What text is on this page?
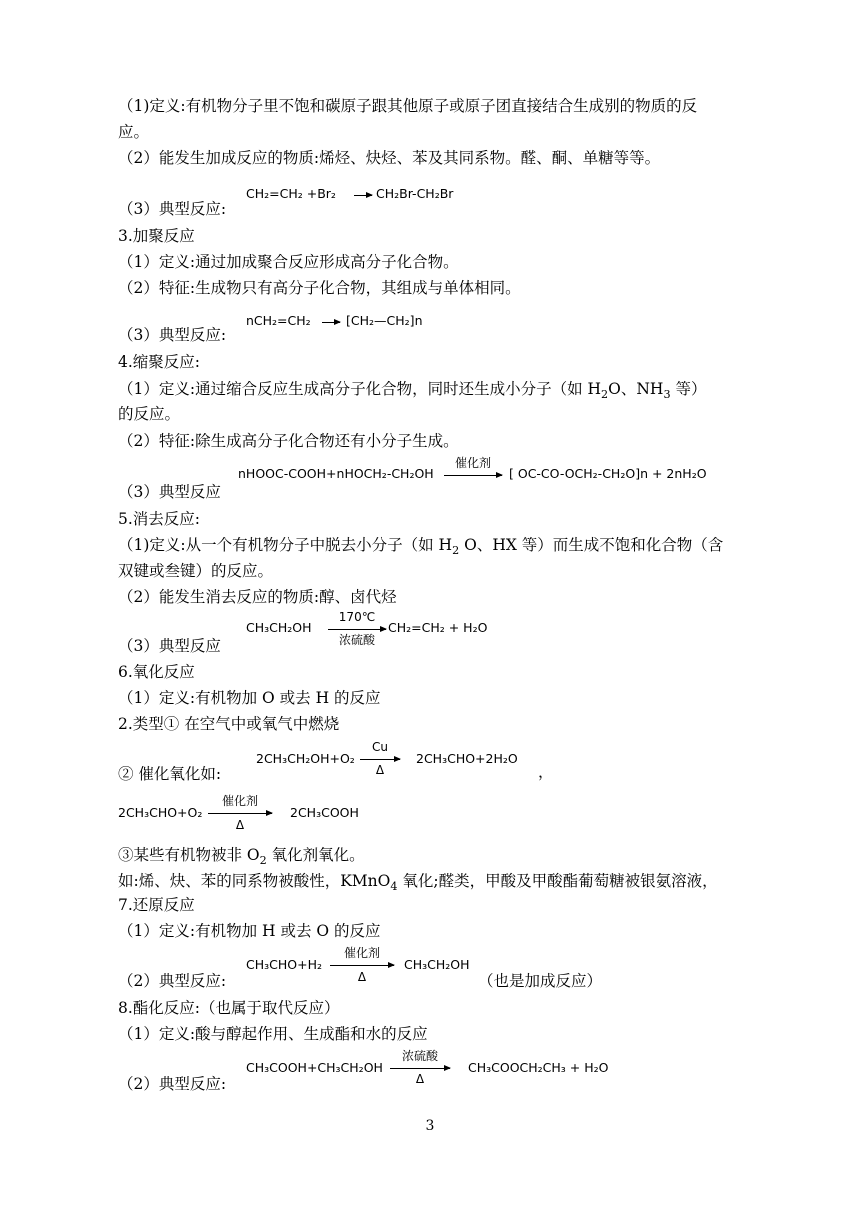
（1)定义:有机物分子里不饱和碳原子跟其他原子或原子团直接结合生成别的物质的反
应。
（2）能发生加成反应的物质:烯烃、炔烃、苯及其同系物。醛、酮、单糖等等。
（3）典型反应:
CH₂=CH₂ +Br₂ → CH₂Br-CH₂Br
3.加聚反应
（1）定义:通过加成聚合反应形成高分子化合物。
（2）特征:生成物只有高分子化合物，其组成与单体相同。
（3）典型反应:
nCH₂=CH₂ → [CH₂—CH₂]n
4.缩聚反应:
（1）定义:通过缩合反应生成高分子化合物，同时还生成小分子（如 $H_2O$、$NH_3$ 等）
的反应。
（2）特征:除生成高分子化合物还有小分子生成。
（3）典型反应
nHOOC-COOH+nHOCH₂-CH₂OH
催化剂
→ [ OC-CO-OCH₂-CH₂O]n + 2nH₂O
5.消去反应:
（1)定义:从一个有机物分子中脱去小分子（如 $H_2$ O、HX 等）而生成不饱和化合物（含
双键或叁键）的反应。
（2）能发生消去反应的物质:醇、卤代烃
（3）典型反应
CH₃CH₂OH
170℃
浓硫酸
CH₂=CH₂ + H₂O
6.氧化反应
（1）定义:有机物加 O 或去 H 的反应
2.类型① 在空气中或氧气中燃烧
② 催化氧化如:
2CH₃CH₂OH+O₂
Cu
Δ
2CH₃CHO+2H₂O
，
2CH₃CHO+O₂
催化剂
Δ
2CH₃COOH
③某些有机物被非 $O_2$ 氧化剂氧化。
如:烯、炔、苯的同系物被酸性，KMnO$_4$ 氧化;醛类，甲酸及甲酸酯葡萄糖被银氨溶液，
7.还原反应
（1）定义:有机物加 H 或去 O 的反应
（2）典型反应:
CH₃CHO+H₂
催化剂
Δ
CH₃CH₂OH
（也是加成反应）
8.酯化反应:（也属于取代反应）
（1）定义:酸与醇起作用、生成酯和水的反应
（2）典型反应:
CH₃COOH+CH₃CH₂OH
浓硫酸
Δ
CH₃COOCH₂CH₃ + H₂O
3
